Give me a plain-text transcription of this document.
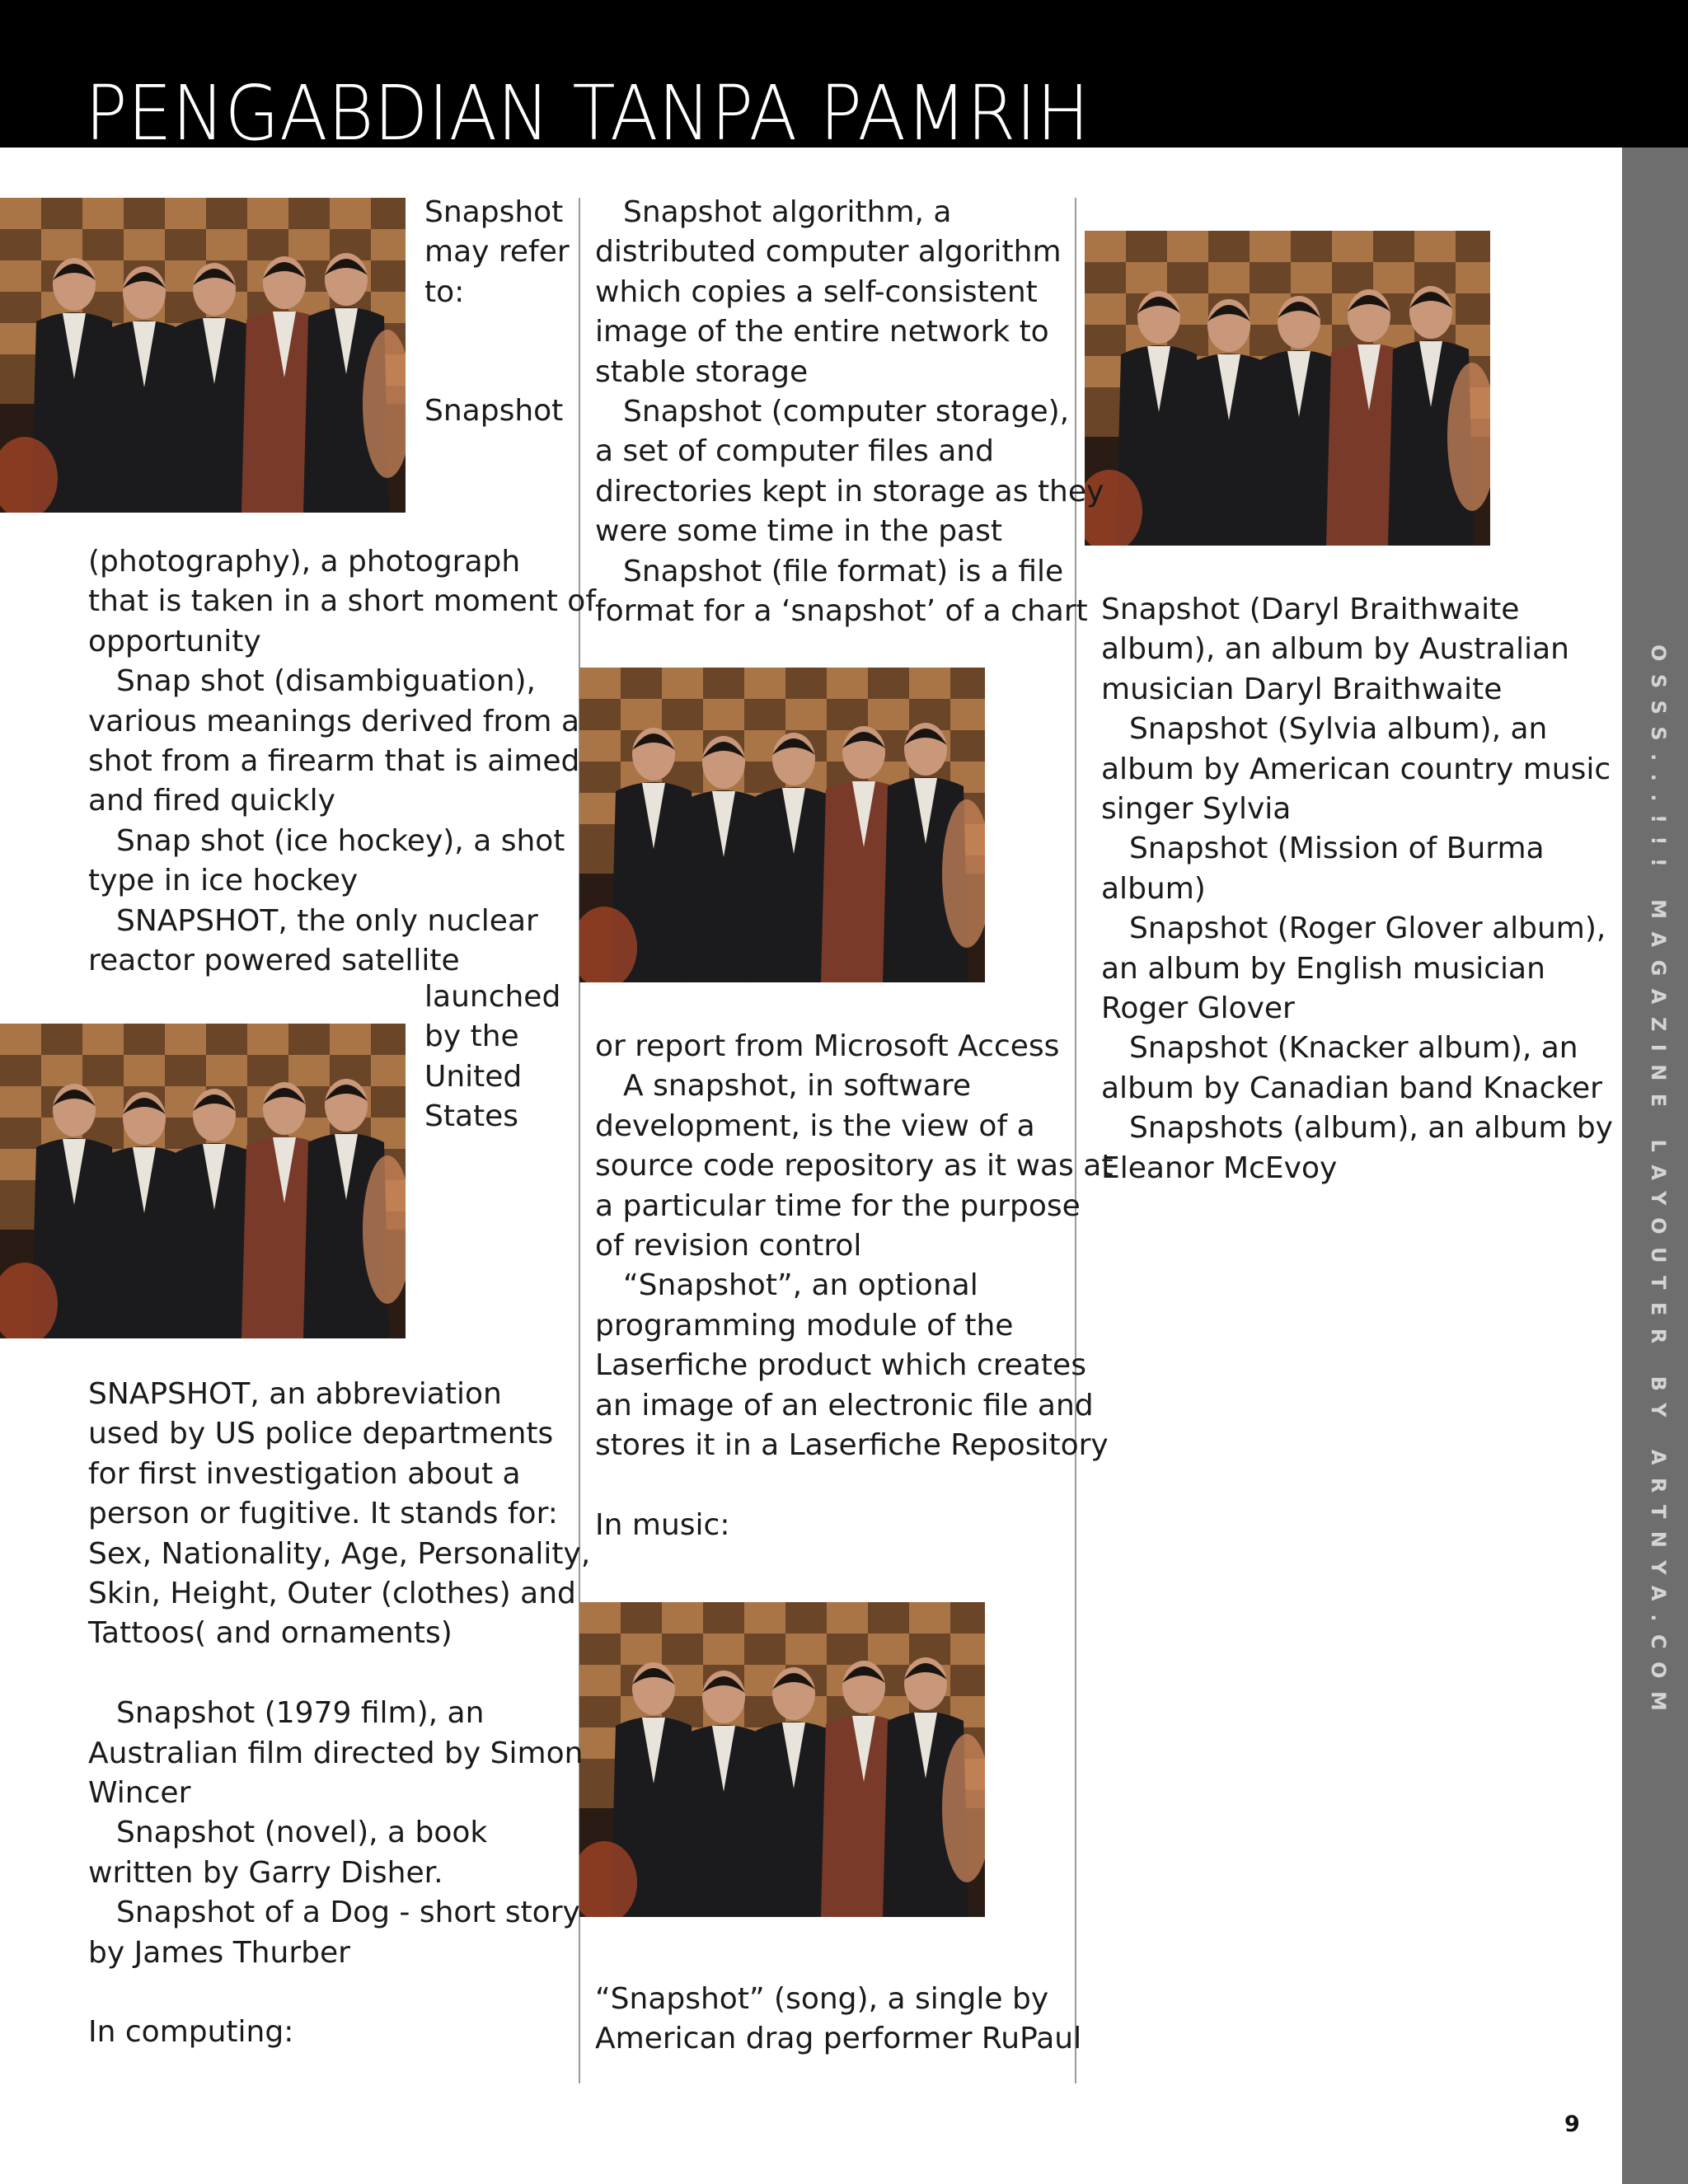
PENGABDIAN TANPA PAMRIH
OSSS...!!! MAGAZINE LAYOUTER BY ARTNYA.COM
Snapshot
may refer
to:
Snapshot
(photography), a photograph
that is taken in a short moment of
opportunity
Snap shot (disambiguation),
various meanings derived from a
shot from a firearm that is aimed
and fired quickly
Snap shot (ice hockey), a shot
type in ice hockey
SNAPSHOT, the only nuclear
reactor powered satellite
launched
by the
United
States
SNAPSHOT, an abbreviation
used by US police departments
for first investigation about a
person or fugitive. It stands for:
Sex, Nationality, Age, Personality,
Skin, Height, Outer (clothes) and
Tattoos( and ornaments)
Snapshot (1979 film), an
Australian film directed by Simon
Wincer
Snapshot (novel), a book
written by Garry Disher.
Snapshot of a Dog - short story
by James Thurber
In computing:
Snapshot algorithm, a
distributed computer algorithm
which copies a self-consistent
image of the entire network to
stable storage
Snapshot (computer storage),
a set of computer files and
directories kept in storage as they
were some time in the past
Snapshot (file format) is a file
format for a ‘snapshot’ of a chart
or report from Microsoft Access
A snapshot, in software
development, is the view of a
source code repository as it was at
a particular time for the purpose
of revision control
“Snapshot”, an optional
programming module of the
Laserfiche product which creates
an image of an electronic file and
stores it in a Laserfiche Repository
In music:
“Snapshot” (song), a single by
American drag performer RuPaul
Snapshot (Daryl Braithwaite
album), an album by Australian
musician Daryl Braithwaite
Snapshot (Sylvia album), an
album by American country music
singer Sylvia
Snapshot (Mission of Burma
album)
Snapshot (Roger Glover album),
an album by English musician
Roger Glover
Snapshot (Knacker album), an
album by Canadian band Knacker
Snapshots (album), an album by
Eleanor McEvoy
9
